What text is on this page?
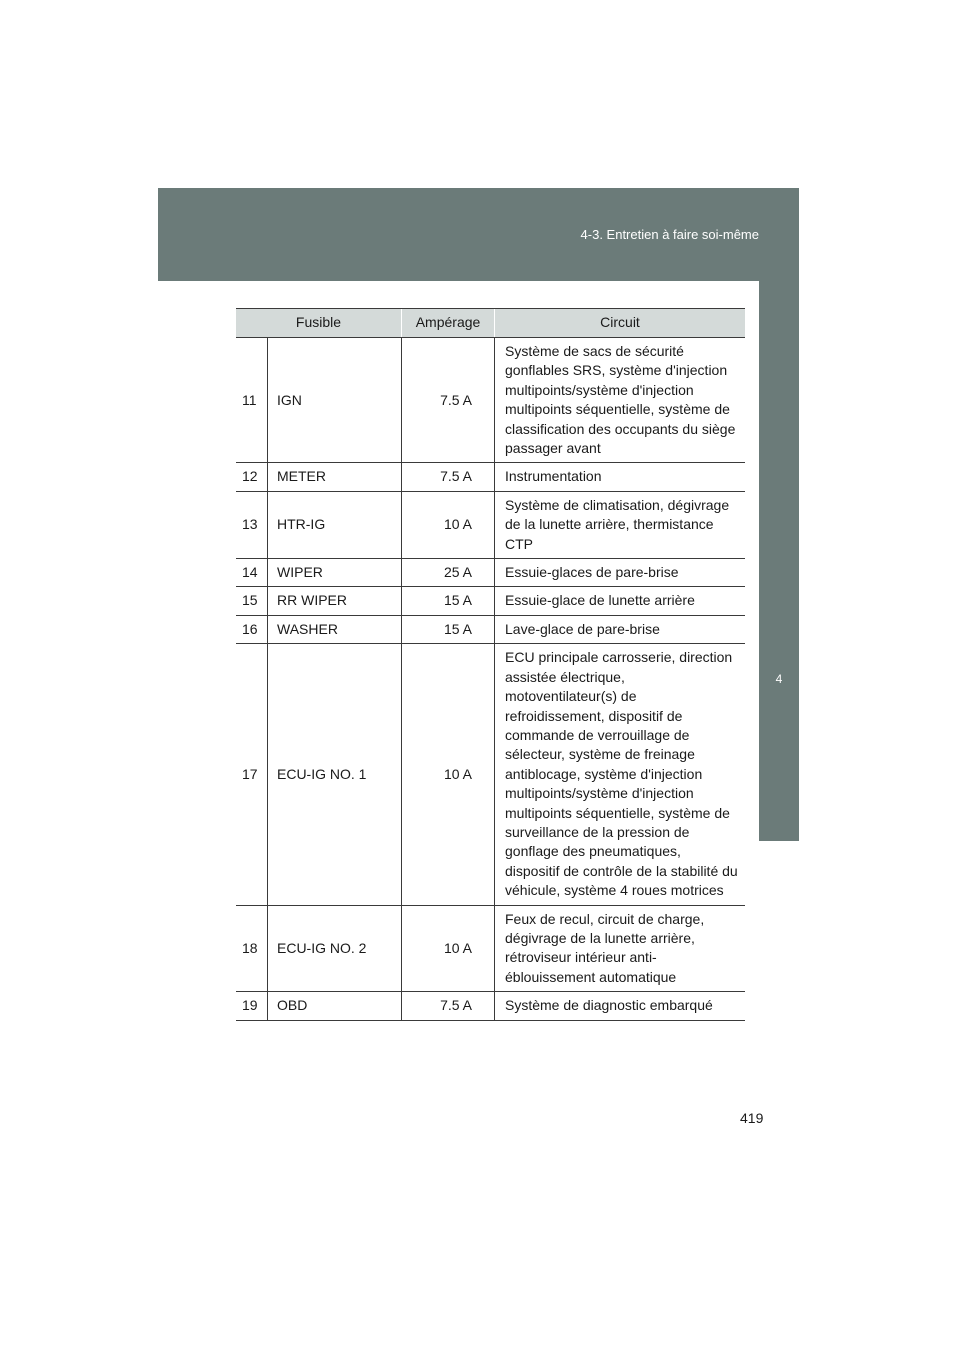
4-3. Entretien à faire soi-même
4
Entretien et soin
Fusible		Ampérage	Circuit
11	IGN	7.5 A	Système de sacs de sécurité gonflables SRS, système d'injection multipoints/système d'injection multipoints séquentielle, système de classification des occupants du siège passager avant
12	METER	7.5 A	Instrumentation
13	HTR-IG	10 A	Système de climatisation, dégivrage de la lunette arrière, thermistance CTP
14	WIPER	25 A	Essuie-glaces de pare-brise
15	RR WIPER	15 A	Essuie-glace de lunette arrière
16	WASHER	15 A	Lave-glace de pare-brise
17	ECU-IG NO. 1	10 A	ECU principale carrosserie, direction assistée électrique, motoventilateur(s) de refroidissement, dispositif de commande de verrouillage de sélecteur, système de freinage antiblocage, système d'injection multipoints/système d'injection multipoints séquentielle, système de surveillance de la pression de gonflage des pneumatiques, dispositif de contrôle de la stabilité du véhicule, système 4 roues motrices
18	ECU-IG NO. 2	10 A	Feux de recul, circuit de charge, dégivrage de la lunette arrière, rétroviseur intérieur anti-éblouissement automatique
19	OBD	7.5 A	Système de diagnostic embarqué
419
